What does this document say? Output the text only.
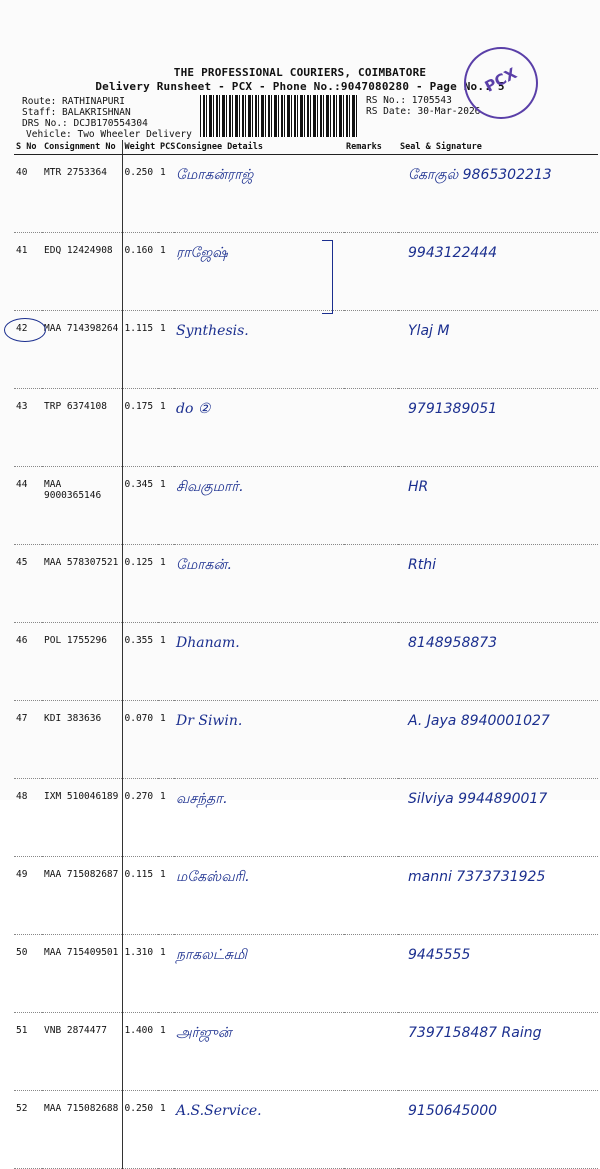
THE PROFESSIONAL COURIERS, COIMBATORE
Delivery Runsheet - PCX - Phone No.:9047080280 - Page No.: 5
Route: RATHINAPURI
Staff: BALAKRISHNAN
DRS No.: DCJB170554304
Vehicle: Two Wheeler Delivery
RS No.: 1705543
RS Date: 30-Mar-2026
PCX
S No	Consignment No	Weight	PCS	Consignee Details	Remarks	Seal & Signature
40	MTR 2753364	0.250	1	மோகன்ராஜ்		கோகுல் 9865302213
41	EDQ 12424908	0.160	1	ராஜேஷ்		9943122444
42	MAA 714398264	1.115	1	Synthesis.		Ylaj M
43	TRP 6374108	0.175	1	do ②		9791389051
44	MAA 9000365146	0.345	1	சிவகுமார்.		HR
45	MAA 578307521	0.125	1	மோகன்.		Rthi
46	POL 1755296	0.355	1	Dhanam.		8148958873
47	KDI 383636	0.070	1	Dr Siwin.		A. Jaya 8940001027
48	IXM 510046189	0.270	1	வசந்தா.		Silviya 9944890017
49	MAA 715082687	0.115	1	மகேஸ்வரி.		manni 7373731925
50	MAA 715409501	1.310	1	நாகலட்சுமி		9445555
51	VNB 2874477	1.400	1	அர்ஜுன்		7397158487 Raing
52	MAA 715082688	0.250	1	A.S.Service.		9150645000
